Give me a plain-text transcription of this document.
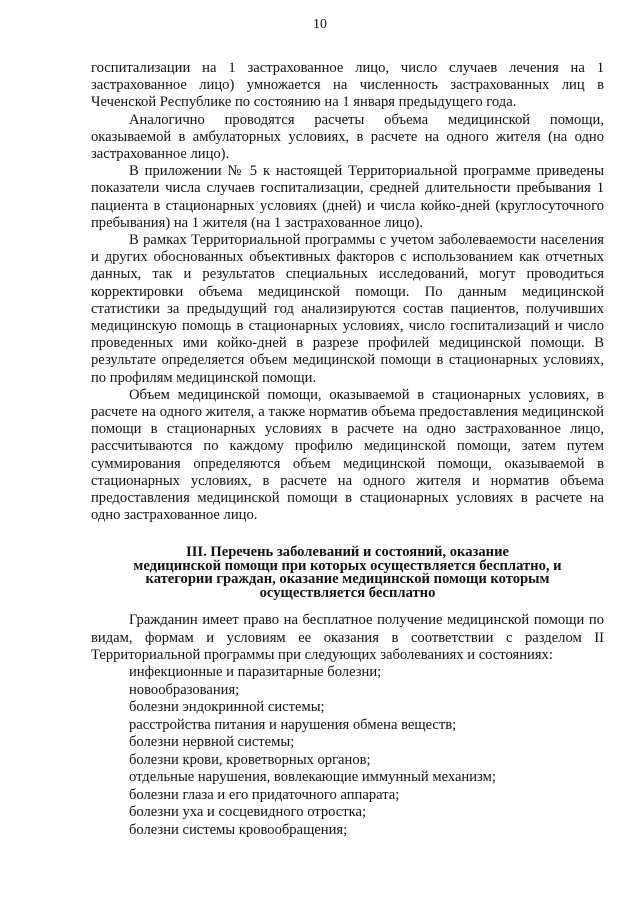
10

госпитализации на 1 застрахованное лицо, число случаев лечения на 1 застрахованное лицо) умножается на численность застрахованных лиц в Чеченской Республике по состоянию на 1 января предыдущего года.

Аналогично проводятся расчеты объема медицинской помощи, оказываемой в амбулаторных условиях, в расчете на одного жителя (на одно застрахованное лицо).

В приложении № 5 к настоящей Территориальной программе приведены показатели числа случаев госпитализации, средней длительности пребывания 1 пациента в стационарных условиях (дней) и числа койко-дней (круглосуточного пребывания) на 1 жителя (на 1 застрахованное лицо).

В рамках Территориальной программы с учетом заболеваемости населения и других обоснованных объективных факторов с использованием как отчетных данных, так и результатов специальных исследований, могут проводиться корректировки объема медицинской помощи. По данным медицинской статистики за предыдущий год анализируются состав пациентов, получивших медицинскую помощь в стационарных условиях, число госпитализаций и число проведенных ими койко-дней в разрезе профилей медицинской помощи. В результате определяется объем медицинской помощи в стационарных условиях, по профилям медицинской помощи.

Объем медицинской помощи, оказываемой в стационарных условиях, в расчете на одного жителя, а также норматив объема предоставления медицинской помощи в стационарных условиях в расчете на одно застрахованное лицо, рассчитываются по каждому профилю медицинской помощи, затем путем суммирования определяются объем медицинской помощи, оказываемой в стационарных условиях, в расчете на одного жителя и норматив объема предоставления медицинской помощи в стационарных условиях в расчете на одно застрахованное лицо.

III. Перечень заболеваний и состояний, оказание
медицинской помощи при которых осуществляется бесплатно, и
категории граждан, оказание медицинской помощи которым
осуществляется бесплатно

Гражданин имеет право на бесплатное получение медицинской помощи по видам, формам и условиям ее оказания в соответствии с разделом II Территориальной программы при следующих заболеваниях и состояниях:

инфекционные и паразитарные болезни;
новообразования;
болезни эндокринной системы;
расстройства питания и нарушения обмена веществ;
болезни нервной системы;
болезни крови, кроветворных органов;
отдельные нарушения, вовлекающие иммунный механизм;
болезни глаза и его придаточного аппарата;
болезни уха и сосцевидного отростка;
болезни системы кровообращения;
